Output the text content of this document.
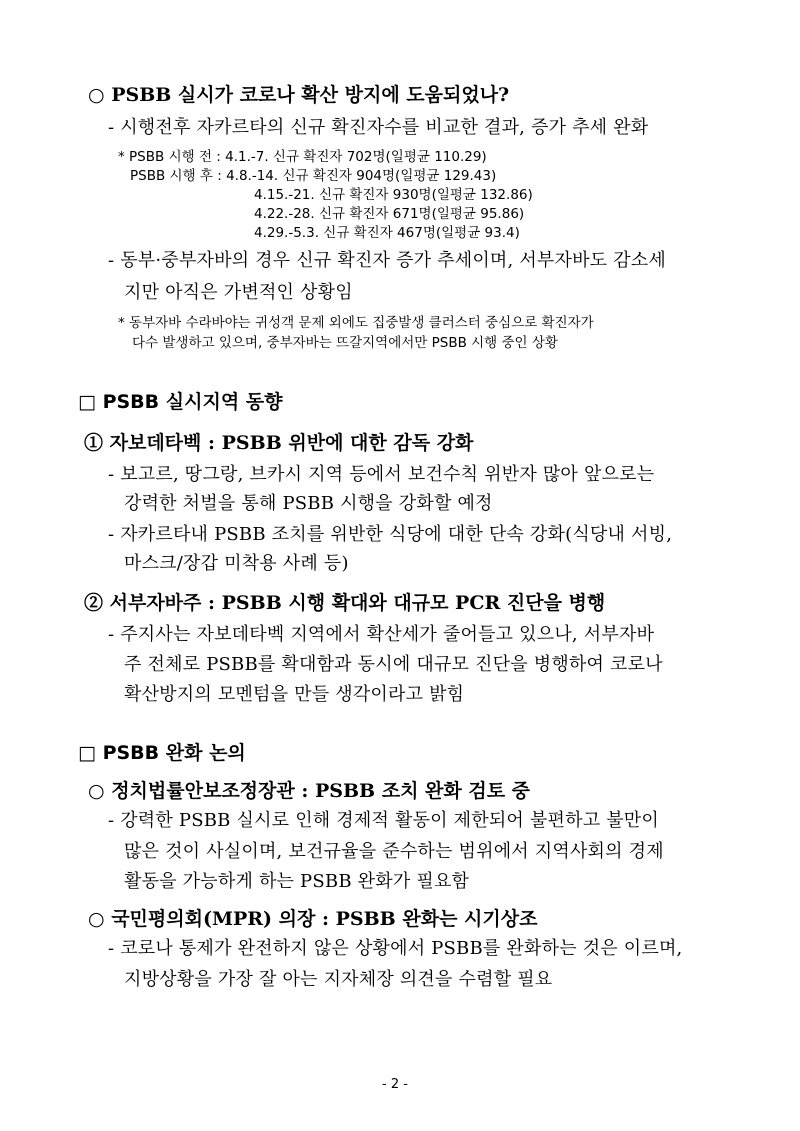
○ PSBB 실시가 코로나 확산 방지에 도움되었나?
- 시행전후 자카르타의 신규 확진자수를 비교한 결과, 증가 추세 완화
* PSBB 시행 전 : 4.1.-7. 신규 확진자 702명(일평균 110.29)
PSBB 시행 후 : 4.8.-14. 신규 확진자 904명(일평균 129.43)
4.15.-21. 신규 확진자 930명(일평균 132.86)
4.22.-28. 신규 확진자 671명(일평균 95.86)
4.29.-5.3. 신규 확진자 467명(일평균 93.4)
- 동부·중부자바의 경우 신규 확진자 증가 추세이며, 서부자바도 감소세
지만 아직은 가변적인 상황임
* 동부자바 수라바야는 귀성객 문제 외에도 집중발생 클러스터 중심으로 확진자가
다수 발생하고 있으며, 중부자바는 뜨갈지역에서만 PSBB 시행 중인 상황
□ PSBB 실시지역 동향
① 자보데타벡 : PSBB 위반에 대한 감독 강화
- 보고르, 땅그랑, 브카시 지역 등에서 보건수칙 위반자 많아 앞으로는
강력한 처벌을 통해 PSBB 시행을 강화할 예정
- 자카르타내 PSBB 조치를 위반한 식당에 대한 단속 강화(식당내 서빙,
마스크/장갑 미착용 사례 등)
② 서부자바주 : PSBB 시행 확대와 대규모 PCR 진단을 병행
- 주지사는 자보데타벡 지역에서 확산세가 줄어들고 있으나, 서부자바
주 전체로 PSBB를 확대함과 동시에 대규모 진단을 병행하여 코로나
확산방지의 모멘텀을 만들 생각이라고 밝힘
□ PSBB 완화 논의
○ 정치법률안보조정장관 : PSBB 조치 완화 검토 중
- 강력한 PSBB 실시로 인해 경제적 활동이 제한되어 불편하고 불만이
많은 것이 사실이며, 보건규율을 준수하는 범위에서 지역사회의 경제
활동을 가능하게 하는 PSBB 완화가 필요함
○ 국민평의회(MPR) 의장 : PSBB 완화는 시기상조
- 코로나 통제가 완전하지 않은 상황에서 PSBB를 완화하는 것은 이르며,
지방상황을 가장 잘 아는 지자체장 의견을 수렴할 필요
- 2 -
